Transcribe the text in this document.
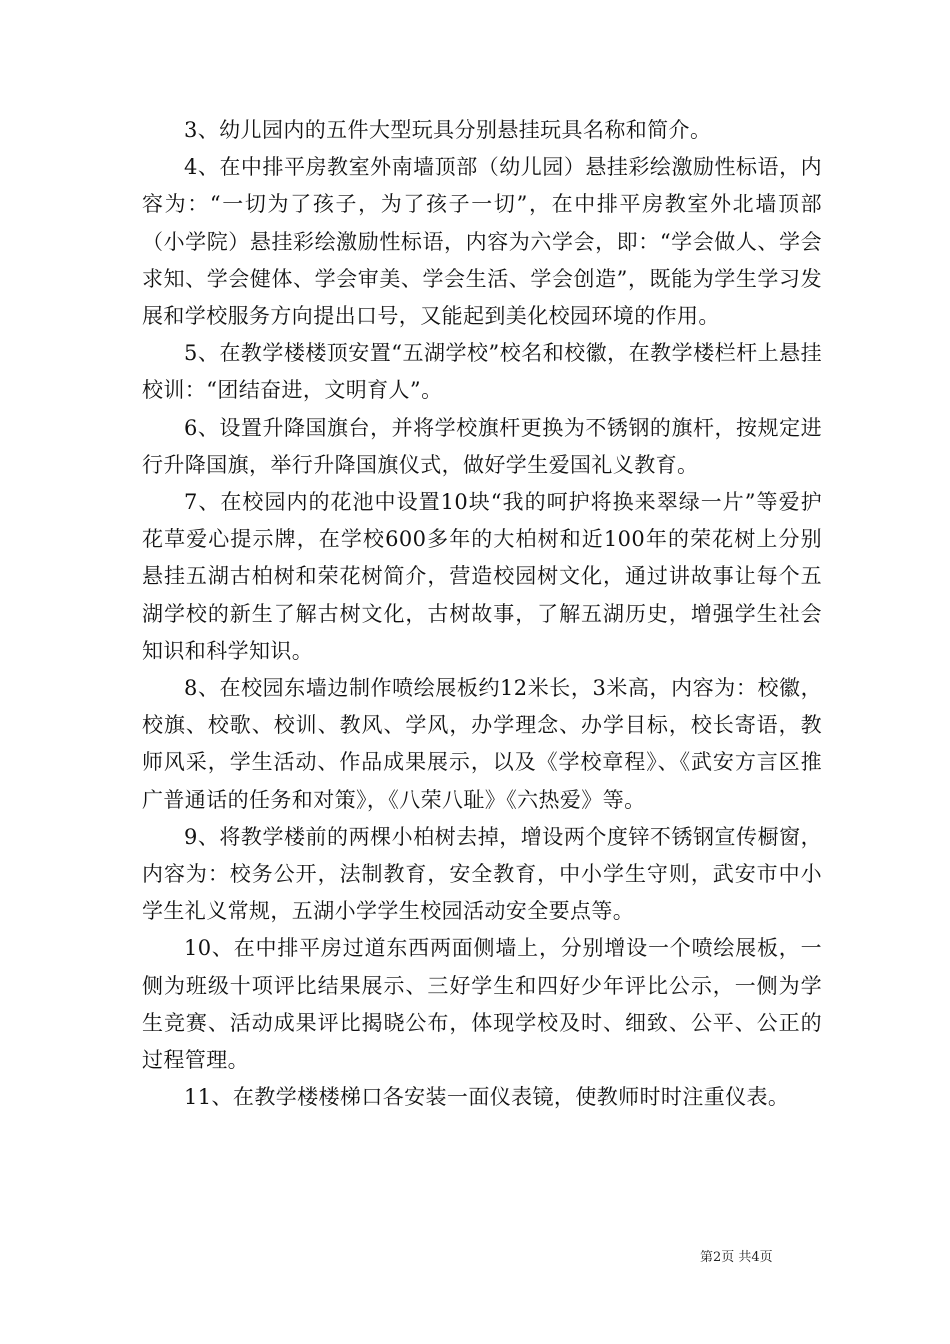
3、幼儿园内的五件大型玩具分别悬挂玩具名称和简介。

4、在中排平房教室外南墙顶部（幼儿园）悬挂彩绘激励性标语，内容为：“一切为了孩子，为了孩子一切”，在中排平房教室外北墙顶部（小学院）悬挂彩绘激励性标语，内容为六学会，即：“学会做人、学会求知、学会健体、学会审美、学会生活、学会创造”，既能为学生学习发展和学校服务方向提出口号，又能起到美化校园环境的作用。

5、在教学楼楼顶安置“五湖学校”校名和校徽，在教学楼栏杆上悬挂校训：“团结奋进，文明育人”。

6、设置升降国旗台，并将学校旗杆更换为不锈钢的旗杆，按规定进行升降国旗，举行升降国旗仪式，做好学生爱国礼义教育。

7、在校园内的花池中设置10块“我的呵护将换来翠绿一片”等爱护花草爱心提示牌，在学校600多年的大柏树和近100年的荣花树上分别悬挂五湖古柏树和荣花树简介，营造校园树文化，通过讲故事让每个五湖学校的新生了解古树文化，古树故事，了解五湖历史，增强学生社会知识和科学知识。

8、在校园东墙边制作喷绘展板约12米长，3米高，内容为：校徽，校旗、校歌、校训、教风、学风，办学理念、办学目标，校长寄语，教师风采，学生活动、作品成果展示，以及《学校章程》、《武安方言区推广普通话的任务和对策》，《八荣八耻》《六热爱》等。

9、将教学楼前的两棵小柏树去掉，增设两个度锌不锈钢宣传橱窗，内容为：校务公开，法制教育，安全教育，中小学生守则，武安市中小学生礼义常规，五湖小学学生校园活动安全要点等。

10、在中排平房过道东西两面侧墙上，分别增设一个喷绘展板，一侧为班级十项评比结果展示、三好学生和四好少年评比公示，一侧为学生竞赛、活动成果评比揭晓公布，体现学校及时、细致、公平、公正的过程管理。

11、在教学楼楼梯口各安装一面仪表镜，使教师时时注重仪表。

第2页 共4页
